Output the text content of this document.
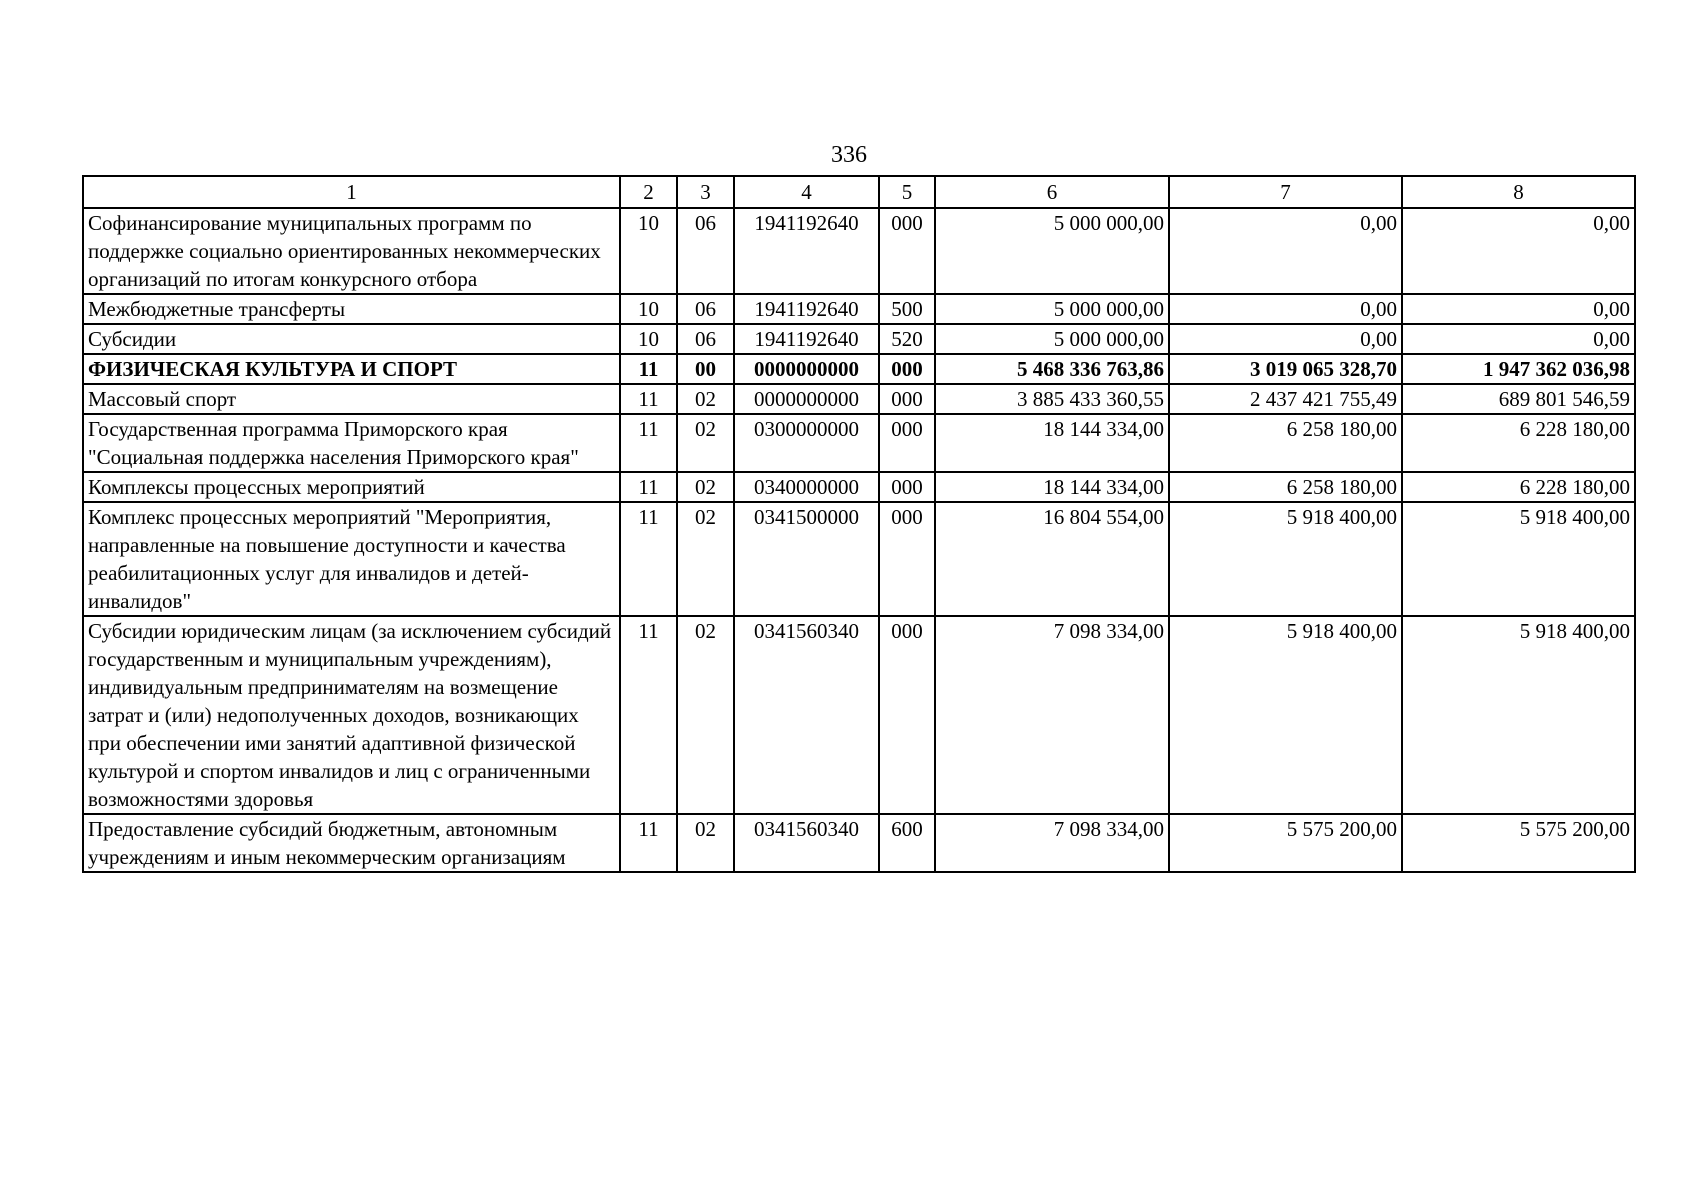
336
1	2	3	4	5	6	7	8
Софинансирование муниципальных программ по поддержке социально ориентированных некоммерческих организаций по итогам конкурсного отбора	10	06	1941192640	000	5 000 000,00	0,00	0,00
Межбюджетные трансферты	10	06	1941192640	500	5 000 000,00	0,00	0,00
Субсидии	10	06	1941192640	520	5 000 000,00	0,00	0,00
ФИЗИЧЕСКАЯ КУЛЬТУРА И СПОРТ	11	00	0000000000	000	5 468 336 763,86	3 019 065 328,70	1 947 362 036,98
Массовый спорт	11	02	0000000000	000	3 885 433 360,55	2 437 421 755,49	689 801 546,59
Государственная программа Приморского края "Социальная поддержка населения Приморского края"	11	02	0300000000	000	18 144 334,00	6 258 180,00	6 228 180,00
Комплексы процессных мероприятий	11	02	0340000000	000	18 144 334,00	6 258 180,00	6 228 180,00
Комплекс процессных мероприятий "Мероприятия, направленные на повышение доступности и качества реабилитационных услуг для инвалидов и детей-инвалидов"	11	02	0341500000	000	16 804 554,00	5 918 400,00	5 918 400,00
Субсидии юридическим лицам (за исключением субсидий государственным и муниципальным учреждениям), индивидуальным предпринимателям на возмещение затрат и (или) недополученных доходов, возникающих при обеспечении ими занятий адаптивной физической культурой и спортом инвалидов и лиц с ограниченными возможностями здоровья	11	02	0341560340	000	7 098 334,00	5 918 400,00	5 918 400,00
Предоставление субсидий бюджетным, автономным учреждениям и иным некоммерческим организациям	11	02	0341560340	600	7 098 334,00	5 575 200,00	5 575 200,00
